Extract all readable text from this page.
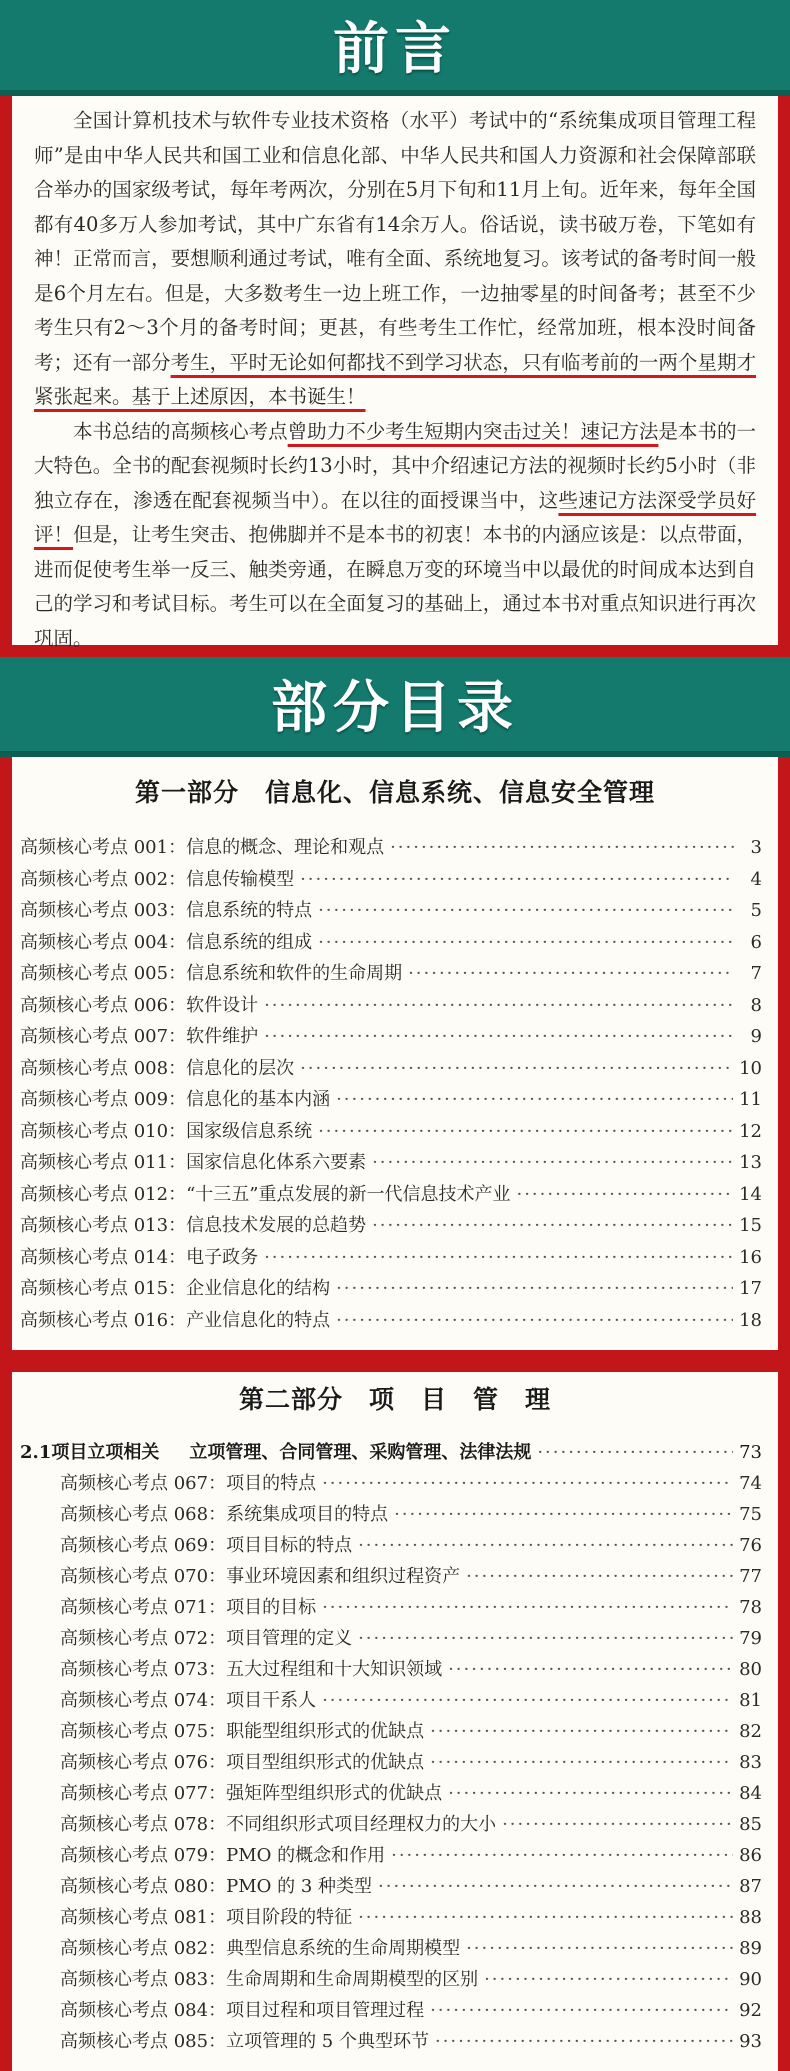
前言

全国计算机技术与软件专业技术资格（水平）考试中的“系统集成项目管理工程师”是由中华人民共和国工业和信息化部、中华人民共和国人力资源和社会保障部联合举办的国家级考试，每年考两次，分别在5月下旬和11月上旬。近年来，每年全国都有40多万人参加考试，其中广东省有14余万人。俗话说，读书破万卷，下笔如有神！正常而言，要想顺利通过考试，唯有全面、系统地复习。该考试的备考时间一般是6个月左右。但是，大多数考生一边上班工作，一边抽零星的时间备考；甚至不少考生只有2～3个月的备考时间；更甚，有些考生工作忙，经常加班，根本没时间备考；还有一部分考生，平时无论如何都找不到学习状态，只有临考前的一两个星期才紧张起来。基于上述原因，本书诞生！

本书总结的高频核心考点曾助力不少考生短期内突击过关！速记方法是本书的一大特色。全书的配套视频时长约13小时，其中介绍速记方法的视频时长约5小时（非独立存在，渗透在配套视频当中）。在以往的面授课当中，这些速记方法深受学员好评！但是，让考生突击、抱佛脚并不是本书的初衷！本书的内涵应该是：以点带面，进而促使考生举一反三、触类旁通，在瞬息万变的环境当中以最优的时间成本达到自己的学习和考试目标。考生可以在全面复习的基础上，通过本书对重点知识进行再次巩固。

部分目录
第一部分　信息化、信息系统、信息安全管理
高频核心考点 001： 信息的概念、理论和观点 ·····	3
高频核心考点 002： 信息传输模型 ·····	4
高频核心考点 003： 信息系统的特点 ·····	5
高频核心考点 004： 信息系统的组成 ·····	6
高频核心考点 005： 信息系统和软件的生命周期 ·····	7
高频核心考点 006： 软件设计 ·····	8
高频核心考点 007： 软件维护 ·····	9
高频核心考点 008： 信息化的层次 ·····	10
高频核心考点 009： 信息化的基本内涵 ·····	11
高频核心考点 010： 国家级信息系统 ·····	12
高频核心考点 011： 国家信息化体系六要素 ·····	13
高频核心考点 012： “十三五”重点发展的新一代信息技术产业 ·····	14
高频核心考点 013： 信息技术发展的总趋势 ·····	15
高频核心考点 014： 电子政务 ·····	16
高频核心考点 015： 企业信息化的结构 ·····	17
高频核心考点 016： 产业信息化的特点 ·····	18
第二部分　项　目　管　理
2.1 项目立项相关 立项管理、合同管理、采购管理、法律法规 ·····	73
高频核心考点 067： 项目的特点 ·····	74
高频核心考点 068： 系统集成项目的特点 ·····	75
高频核心考点 069： 项目目标的特点 ·····	76
高频核心考点 070： 事业环境因素和组织过程资产 ·····	77
高频核心考点 071： 项目的目标 ·····	78
高频核心考点 072： 项目管理的定义 ·····	79
高频核心考点 073： 五大过程组和十大知识领域 ·····	80
高频核心考点 074： 项目干系人 ·····	81
高频核心考点 075： 职能型组织形式的优缺点 ·····	82
高频核心考点 076： 项目型组织形式的优缺点 ·····	83
高频核心考点 077： 强矩阵型组织形式的优缺点 ·····	84
高频核心考点 078： 不同组织形式项目经理权力的大小 ·····	85
高频核心考点 079： PMO 的概念和作用 ·····	86
高频核心考点 080： PMO 的 3 种类型 ·····	87
高频核心考点 081： 项目阶段的特征 ·····	88
高频核心考点 082： 典型信息系统的生命周期模型 ·····	89
高频核心考点 083： 生命周期和生命周期模型的区别 ·····	90
高频核心考点 084： 项目过程和项目管理过程 ·····	92
高频核心考点 085： 立项管理的 5 个典型环节 ·····	93
